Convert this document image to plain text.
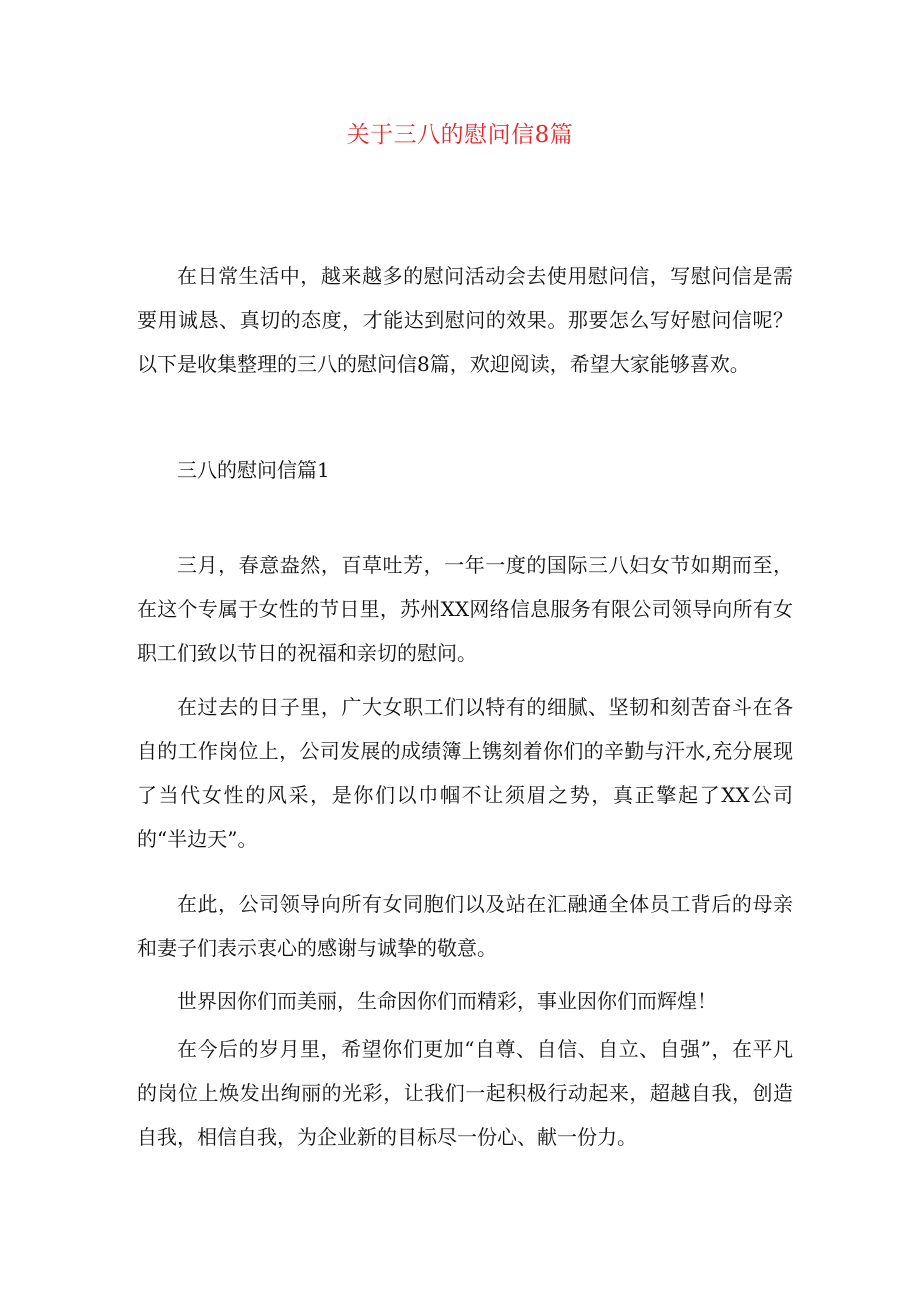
关于三八的慰问信8篇

在日常生活中，越来越多的慰问活动会去使用慰问信，写慰问信是需要用诚恳、真切的态度，才能达到慰问的效果。那要怎么写好慰问信呢？以下是收集整理的三八的慰问信8篇，欢迎阅读，希望大家能够喜欢。

三八的慰问信篇1

三月，春意盎然，百草吐芳，一年一度的国际三八妇女节如期而至，在这个专属于女性的节日里，苏州XX网络信息服务有限公司领导向所有女职工们致以节日的祝福和亲切的慰问。

在过去的日子里，广大女职工们以特有的细腻、坚韧和刻苦奋斗在各自的工作岗位上，公司发展的成绩簿上镌刻着你们的辛勤与汗水,充分展现了当代女性的风采，是你们以巾帼不让须眉之势，真正擎起了XX公司的“半边天”。

在此，公司领导向所有女同胞们以及站在汇融通全体员工背后的母亲和妻子们表示衷心的感谢与诚挚的敬意。

世界因你们而美丽，生命因你们而精彩，事业因你们而辉煌！

在今后的岁月里，希望你们更加“自尊、自信、自立、自强”，在平凡的岗位上焕发出绚丽的光彩，让我们一起积极行动起来，超越自我，创造自我，相信自我，为企业新的目标尽一份心、献一份力。
